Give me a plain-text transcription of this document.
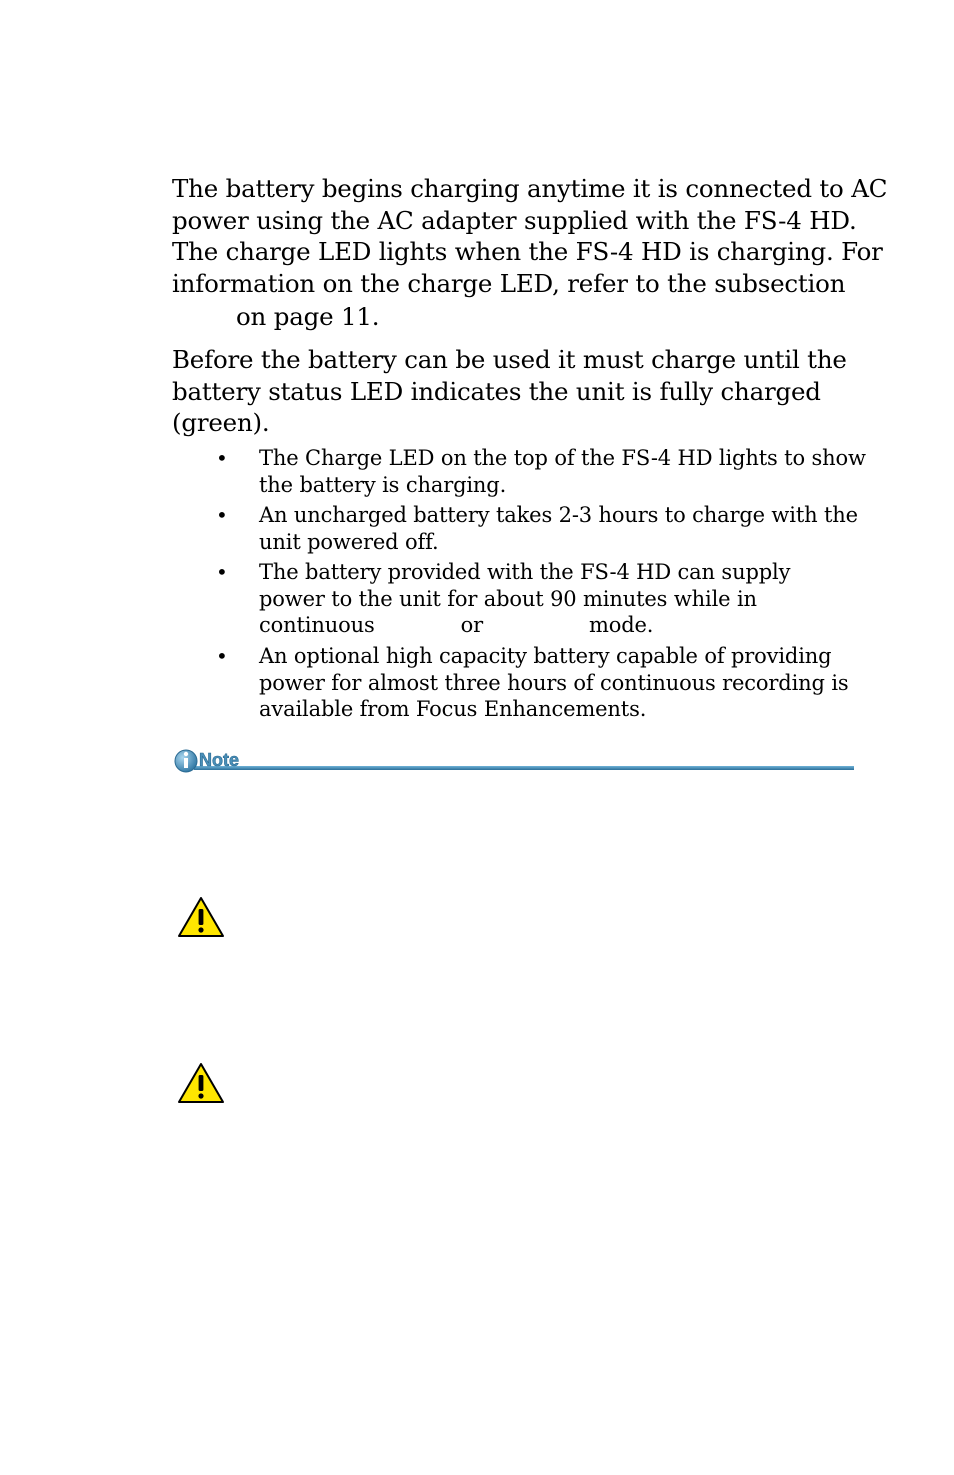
The battery begins charging anytime it is connected to AC
power using the AC adapter supplied with the FS-4 HD.
The charge LED lights when the FS-4 HD is charging. For
information on the charge LED, refer to the subsection
on page 11.

Before the battery can be used it must charge until the
battery status LED indicates the unit is fully charged
(green).

• The Charge LED on the top of the FS-4 HD lights to show
the battery is charging.
• An uncharged battery takes 2-3 hours to charge with the
unit powered off.
• The battery provided with the FS-4 HD can supply
power to the unit for about 90 minutes while in
continuous	or	mode.
• An optional high capacity battery capable of providing
power for almost three hours of continuous recording is
available from Focus Enhancements.
Note
